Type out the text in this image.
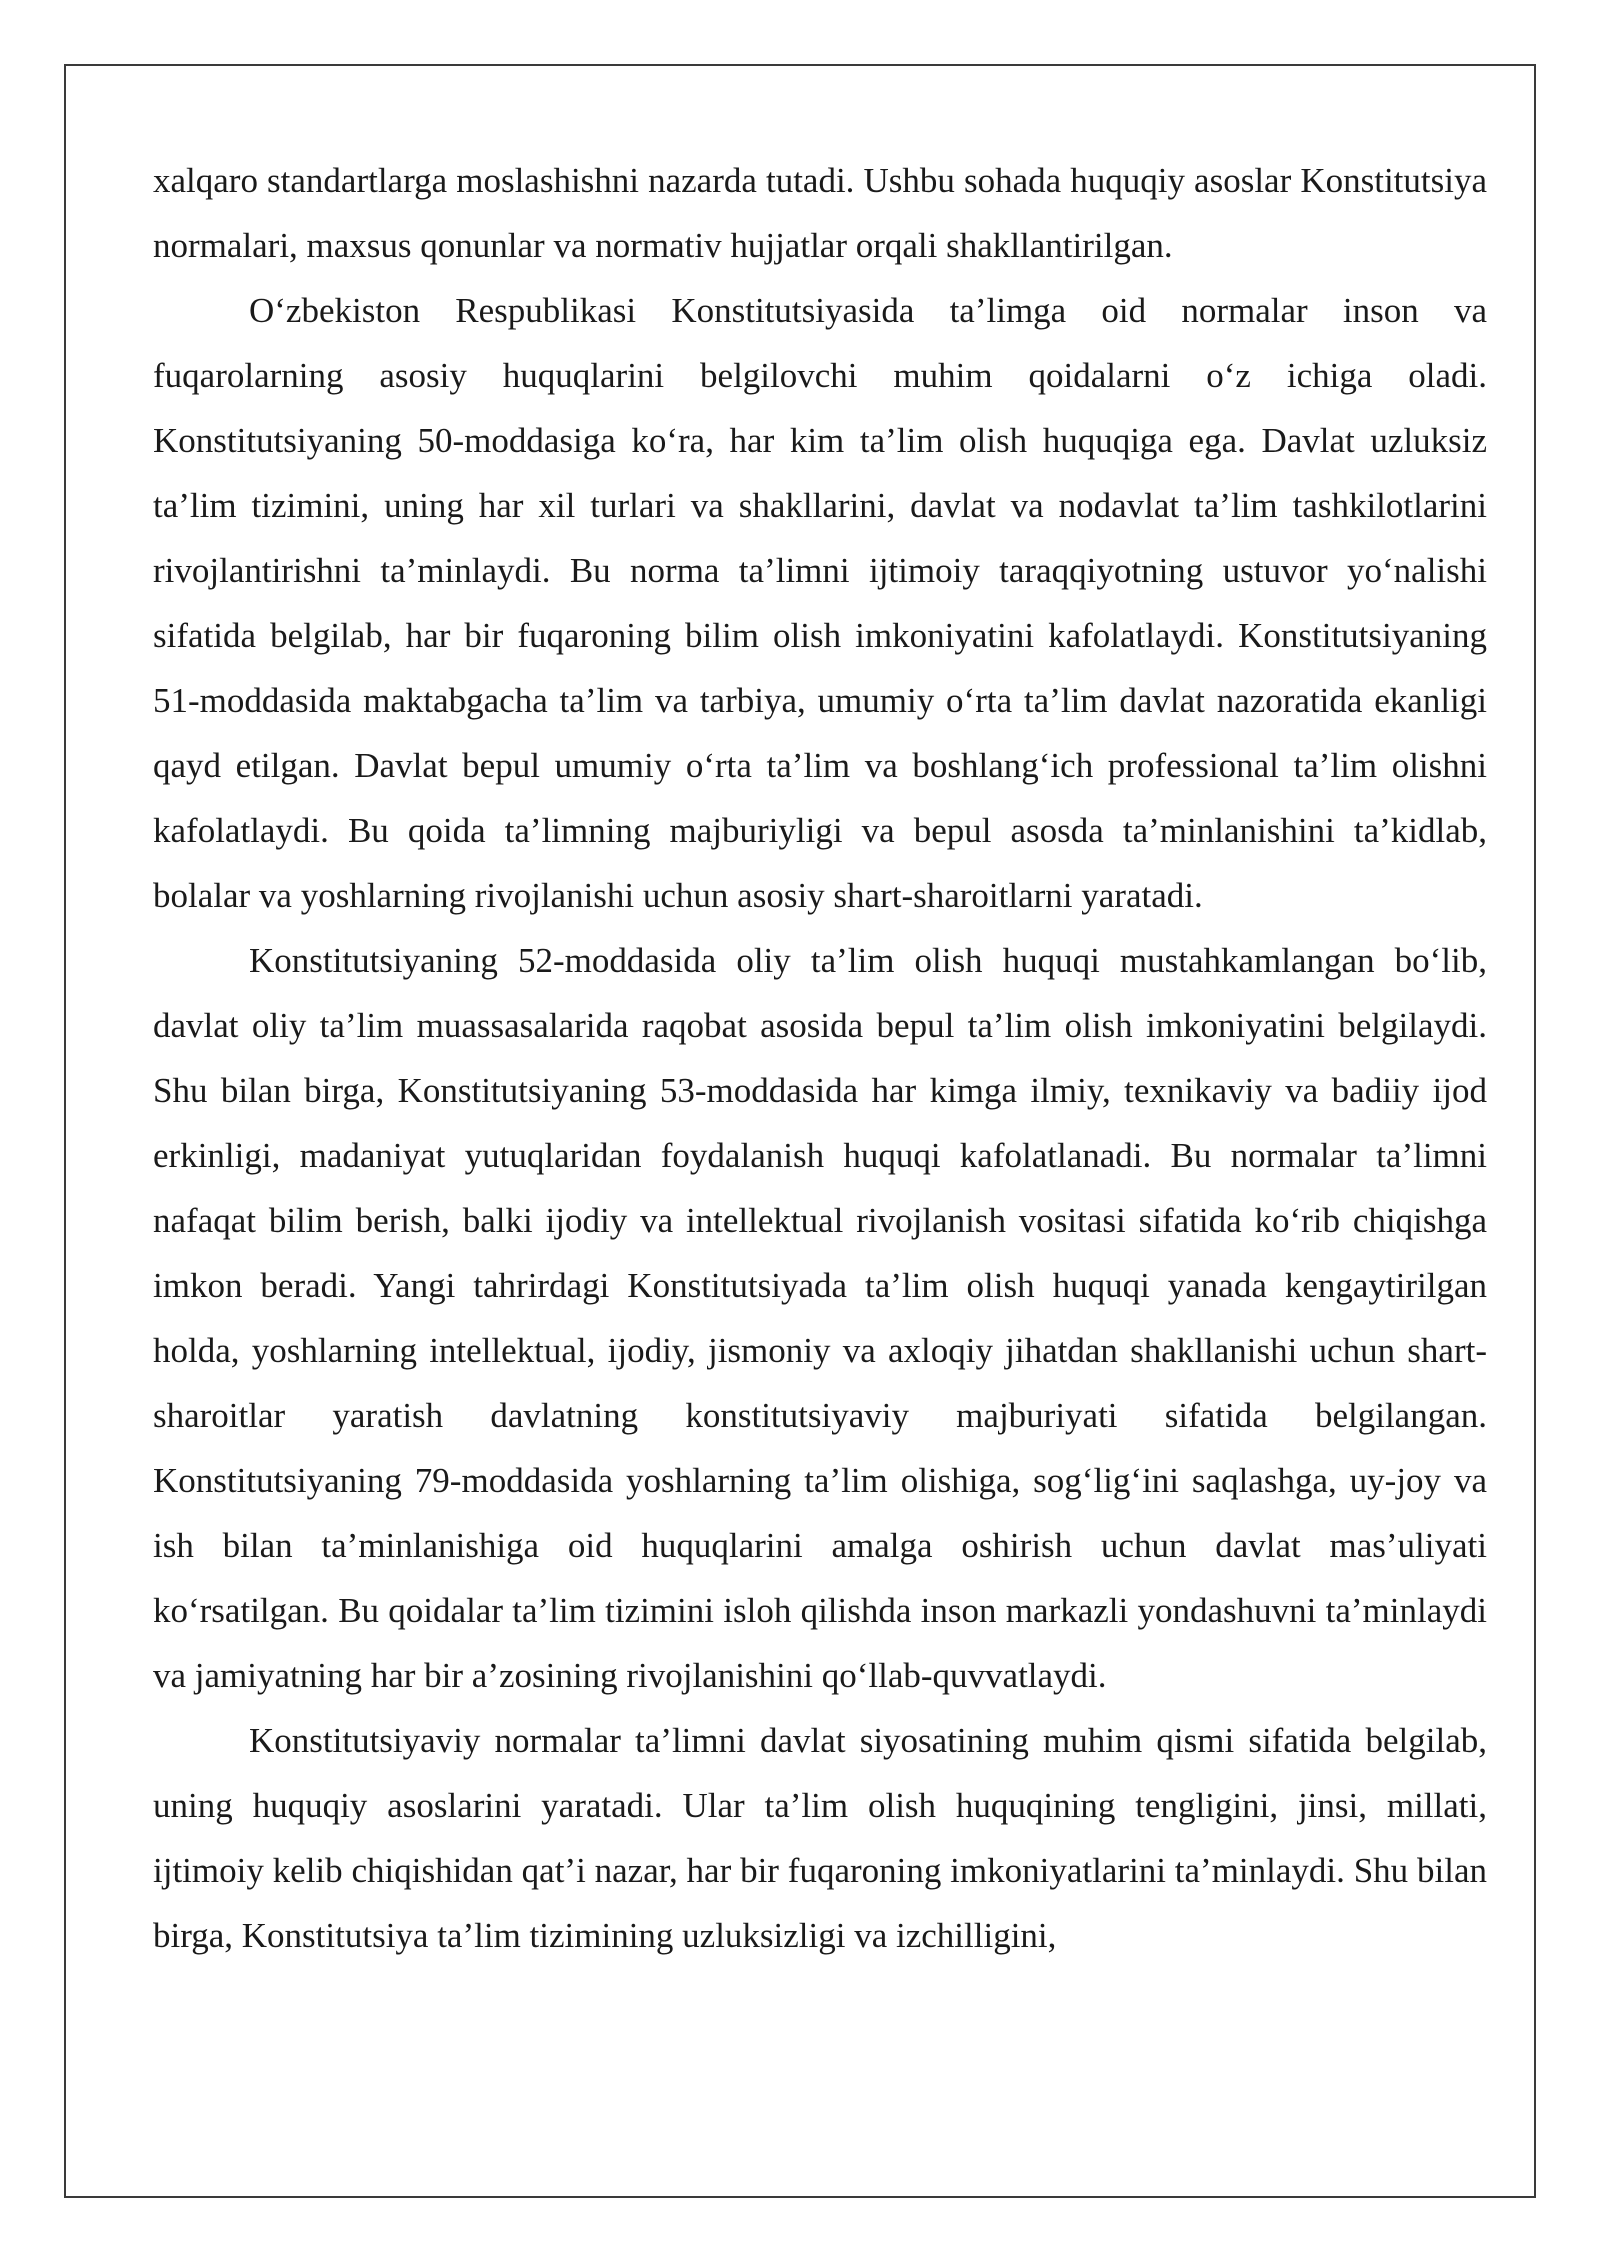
xalqaro standartlarga moslashishni nazarda tutadi. Ushbu sohada huquqiy asoslar Konstitutsiya normalari, maxsus qonunlar va normativ hujjatlar orqali shakllantirilgan.

O‘zbekiston Respublikasi Konstitutsiyasida ta’limga oid normalar inson va fuqarolarning asosiy huquqlarini belgilovchi muhim qoidalarni o‘z ichiga oladi. Konstitutsiyaning 50-moddasiga ko‘ra, har kim ta’lim olish huquqiga ega. Davlat uzluksiz ta’lim tizimini, uning har xil turlari va shakllarini, davlat va nodavlat ta’lim tashkilotlarini rivojlantirishni ta’minlaydi. Bu norma ta’limni ijtimoiy taraqqiyotning ustuvor yo‘nalishi sifatida belgilab, har bir fuqaroning bilim olish imkoniyatini kafolatlaydi. Konstitutsiyaning 51-moddasida maktabgacha ta’lim va tarbiya, umumiy o‘rta ta’lim davlat nazoratida ekanligi qayd etilgan. Davlat bepul umumiy o‘rta ta’lim va boshlang‘ich professional ta’lim olishni kafolatlaydi. Bu qoida ta’limning majburiyligi va bepul asosda ta’minlanishini ta’kidlab, bolalar va yoshlarning rivojlanishi uchun asosiy shart-sharoitlarni yaratadi.

Konstitutsiyaning 52-moddasida oliy ta’lim olish huquqi mustahkamlangan bo‘lib, davlat oliy ta’lim muassasalarida raqobat asosida bepul ta’lim olish imkoniyatini belgilaydi. Shu bilan birga, Konstitutsiyaning 53-moddasida har kimga ilmiy, texnikaviy va badiiy ijod erkinligi, madaniyat yutuqlaridan foydalanish huquqi kafolatlanadi. Bu normalar ta’limni nafaqat bilim berish, balki ijodiy va intellektual rivojlanish vositasi sifatida ko‘rib chiqishga imkon beradi. Yangi tahrirdagi Konstitutsiyada ta’lim olish huquqi yanada kengaytirilgan holda, yoshlarning intellektual, ijodiy, jismoniy va axloqiy jihatdan shakllanishi uchun shart-sharoitlar yaratish davlatning konstitutsiyaviy majburiyati sifatida belgilangan. Konstitutsiyaning 79-moddasida yoshlarning ta’lim olishiga, sog‘lig‘ini saqlashga, uy-joy va ish bilan ta’minlanishiga oid huquqlarini amalga oshirish uchun davlat mas’uliyati ko‘rsatilgan. Bu qoidalar ta’lim tizimini isloh qilishda inson markazli yondashuvni ta’minlaydi va jamiyatning har bir a’zosining rivojlanishini qo‘llab-quvvatlaydi.

Konstitutsiyaviy normalar ta’limni davlat siyosatining muhim qismi sifatida belgilab, uning huquqiy asoslarini yaratadi. Ular ta’lim olish huquqining tengligini, jinsi, millati, ijtimoiy kelib chiqishidan qat’i nazar, har bir fuqaroning imkoniyatlarini ta’minlaydi. Shu bilan birga, Konstitutsiya ta’lim tizimining uzluksizligi va izchilligini,
